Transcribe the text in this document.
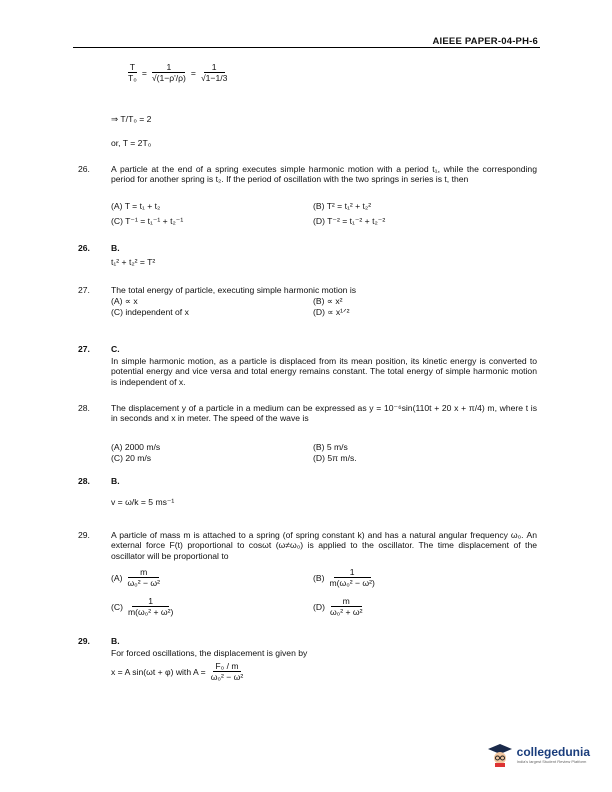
AIEEE PAPER-04-PH-6
$\frac{T}{\text{T₀}} = \frac{1}{√(1-\rho'/\rho)} = \frac{1}{√1-1/3}$
⇒ T/T₀ = 2
or, T = 2T₀
26. A particle at the end of a spring executes simple harmonic motion with a period t₁, while the corresponding period for another spring is t₂. If the period of oscillation with the two springs in series is t, then
(A) T = t₁ + t₂	(B) T² = t₁² + t₂²
(C) T⁻¹ = t₁⁻¹ + t₂⁻¹	(D) T⁻² = t₁⁻² + t₂⁻²
26. B.
t₁² + t₂² = T²
27. The total energy of particle, executing simple harmonic motion is
(A) ∝ x	(B) ∝ x²
(C) independent of x	(D) ∝ x¹ᐟ²
27. C.
In simple harmonic motion, as a particle is displaced from its mean position, its kinetic energy is converted to potential energy and vice versa and total energy remains constant. The total energy of simple harmonic motion is independent of x.
28. The displacement y of a particle in a medium can be expressed as y = 10⁻⁶sin(110t + 20 x + π/4) m, where t is in seconds and x in meter. The speed of the wave is
(A) 2000 m/s	(B) 5 m/s
(C) 20 m/s	(D) 5π m/s.
28. B.
v = ω/k = 5 ms⁻¹
29. A particle of mass m is attached to a spring (of spring constant k) and has a natural angular frequency ω₀. An external force F(t) proportional to cosωt (ω≠ω₀) is applied to the oscillator. The time displacement of the oscillator will be proportional to
$(A) \frac{m}{\text{ω₀² − ω²}}$	$(B) \frac{1}{\text{m(ω₀² − ω²)}}$
$(C) \frac{1}{\text{m(ω₀² + ω²)}}$	$(D) \frac{m}{\text{ω₀² + ω²}}$
29. B.
For forced oscillations, the displacement is given by
x = A sin(ωt + φ) with $A = \frac{\text{F₀ / m}}{\text{ω₀² − ω²}}$
collegedunia
India's largest Student Review Platform
